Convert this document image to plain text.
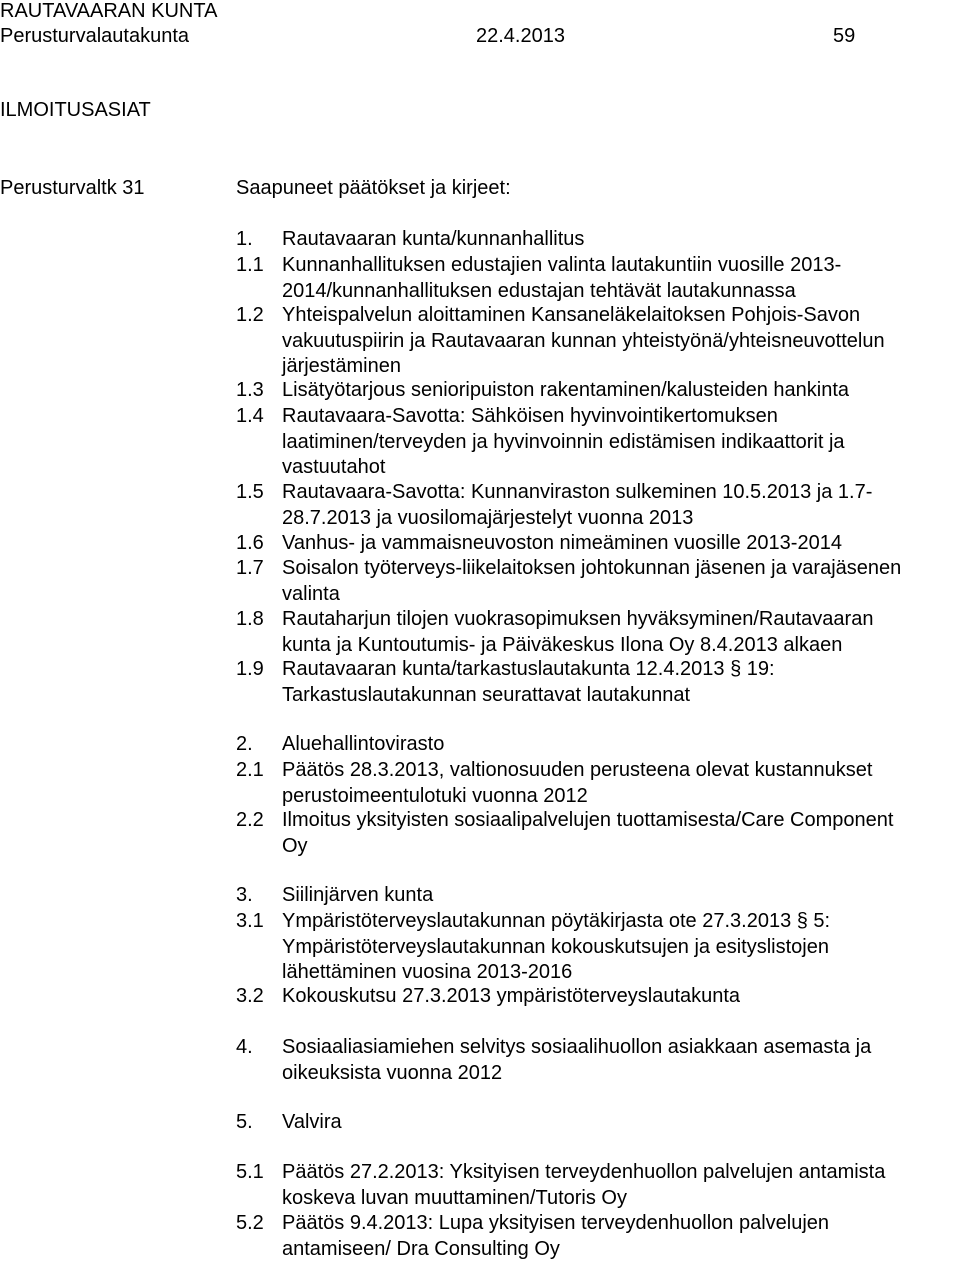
RAUTAVAARAN KUNTA
Perusturvalautakunta	22.4.2013	59
ILMOITUSASIAT
Perusturvaltk 31	Saapuneet päätökset ja kirjeet:
1. Rautavaaran kunta/kunnanhallitus
1.1 Kunnanhallituksen edustajien valinta lautakuntiin vuosille 2013-
2014/kunnanhallituksen edustajan tehtävät lautakunnassa
1.2 Yhteispalvelun aloittaminen Kansaneläkelaitoksen Pohjois-Savon
vakuutuspiirin ja Rautavaaran kunnan yhteistyönä/yhteisneuvottelun
järjestäminen
1.3 Lisätyötarjous senioripuiston rakentaminen/kalusteiden hankinta
1.4 Rautavaara-Savotta: Sähköisen hyvinvointikertomuksen
laatiminen/terveyden ja hyvinvoinnin edistämisen indikaattorit ja
vastuutahot
1.5 Rautavaara-Savotta: Kunnanviraston sulkeminen 10.5.2013 ja 1.7-
28.7.2013 ja vuosilomajärjestelyt vuonna 2013
1.6 Vanhus- ja vammaisneuvoston nimeäminen vuosille 2013-2014
1.7 Soisalon työterveys-liikelaitoksen johtokunnan jäsenen ja varajäsenen
valinta
1.8 Rautaharjun tilojen vuokrasopimuksen hyväksyminen/Rautavaaran
kunta ja Kuntoutumis- ja Päiväkeskus Ilona Oy 8.4.2013 alkaen
1.9 Rautavaaran kunta/tarkastuslautakunta 12.4.2013 § 19:
Tarkastuslautakunnan seurattavat lautakunnat
2. Aluehallintovirasto
2.1 Päätös 28.3.2013, valtionosuuden perusteena olevat kustannukset
perustoimeentulotuki vuonna 2012
2.2 Ilmoitus yksityisten sosiaalipalvelujen tuottamisesta/Care Component
Oy
3. Siilinjärven kunta
3.1 Ympäristöterveyslautakunnan pöytäkirjasta ote 27.3.2013 § 5:
Ympäristöterveyslautakunnan kokouskutsujen ja esityslistojen
lähettäminen vuosina 2013-2016
3.2 Kokouskutsu 27.3.2013 ympäristöterveyslautakunta
4. Sosiaaliasiamiehen selvitys sosiaalihuollon asiakkaan asemasta ja
oikeuksista vuonna 2012
5. Valvira
5.1 Päätös 27.2.2013: Yksityisen terveydenhuollon palvelujen antamista
koskeva luvan muuttaminen/Tutoris Oy
5.2 Päätös 9.4.2013: Lupa yksityisen terveydenhuollon palvelujen
antamiseen/ Dra Consulting Oy
